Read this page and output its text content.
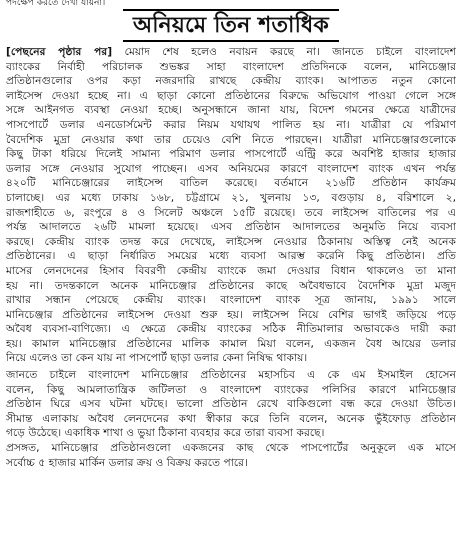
পদক্ষেপ করতে দেখা যায়না।
অনিয়মে তিন শতাধিক
[পেছনের পৃষ্ঠার পর] মেয়াদ শেষ হলেও নবায়ন করছে না। জানতে চাইলে বাংলাদেশ
ব্যাংকের নির্বাহী পরিচালক শুভঙ্কর সাহা বাংলাদেশ প্রতিদিনকে বলেন, মানিচেঞ্জার
প্রতিষ্ঠানগুলোর ওপর কড়া নজরদারি রাখছে কেন্দ্রীয় ব্যাংক। আপাতত নতুন কোনো
লাইসেন্স দেওয়া হচ্ছে না। এ ছাড়া কোনো প্রতিষ্ঠানের বিরুদ্ধে অভিযোগ পাওয়া গেলে সঙ্গে
সঙ্গে আইনগত ব্যবস্থা নেওয়া হচ্ছে। অনুসন্ধানে জানা যায়, বিদেশ গমনের ক্ষেত্রে যাত্রীদের
পাসপোর্টে ডলার এনডোর্সমেন্ট করার নিয়ম যথাযথ পালিত হয় না। যাত্রীরা যে পরিমাণ
বৈদেশিক মুদ্রা নেওয়ার কথা তার চেয়েও বেশি নিতে পারছেন। যাত্রীরা মানিচেঞ্জারগুলোকে
কিছু টাকা ধরিয়ে দিলেই সামান্য পরিমাণ ডলার পাসপোর্টে এন্ট্রি করে অবশিষ্ট হাজার হাজার
ডলার সঙ্গে নেওয়ার সুযোগ পাচ্ছেন। এসব অনিয়মের কারণে বাংলাদেশ ব্যাংক এখন পর্যন্ত
৪২০টি মানিচেঞ্জারের লাইসেন্স বাতিল করেছে। বর্তমানে ২১৬টি প্রতিষ্ঠান কার্যক্রম
চালাচ্ছে। এর মধ্যে ঢাকায় ১৬৮, চট্টগ্রামে ২১, খুলনায় ১৩, বগুড়ায় ৪, বরিশালে ২,
রাজশাহীতে ৬, রংপুরে ৪ ও সিলেট অঞ্চলে ১৫টি রয়েছে। তবে লাইসেন্স বাতিলের পর এ
পর্যন্ত আদালতে ২৬টি মামলা হয়েছে। এসব প্রতিষ্ঠান আদালতের অনুমতি নিয়ে ব্যবসা
করছে। কেন্দ্রীয় ব্যাংক তদন্ত করে দেখেছে, লাইসেন্স নেওয়ার ঠিকানায় অস্তিত্ব নেই অনেক
প্রতিষ্ঠানের। এ ছাড়া নির্ধারিত সময়ের মধ্যে ব্যবসা আরম্ভ করেনি কিছু প্রতিষ্ঠান। প্রতি
মাসের লেনদেনের হিসাব বিবরণী কেন্দ্রীয় ব্যাংকে জমা দেওয়ার বিধান থাকলেও তা মানা
হয় না। তদন্তকালে অনেক মানিচেঞ্জার প্রতিষ্ঠানের কাছে অবৈধভাবে বৈদেশিক মুদ্রা মজুদ
রাখার সন্ধান পেয়েছে কেন্দ্রীয় ব্যাংক। বাংলাদেশ ব্যাংক সূত্র জানায়, ১৯৯১ সালে
মানিচেঞ্জার প্রতিষ্ঠানের লাইসেন্স দেওয়া শুরু হয়। লাইসেন্স নিয়ে বেশির ভাগই জড়িয়ে পড়ে
অবৈধ ব্যবসা-বাণিজ্যে। এ ক্ষেত্রে কেন্দ্রীয় ব্যাংকের সঠিক নীতিমালার অভাবকেও দায়ী করা
হয়। কামাল মানিচেঞ্জার প্রতিষ্ঠানের মালিক কামাল মিয়া বলেন, একজন বৈধ আয়ের ডলার
নিয়ে এলেও তা কেন যায় না পাসপোর্ট ছাড়া ডলার কেনা নিষিদ্ধ থাকায়।
জানতে চাইলে বাংলাদেশ মানিচেঞ্জার প্রতিষ্ঠানের মহাসচিব এ কে এম ইসমাইল হোসেন
বলেন, কিছু আমলাতান্ত্রিক জটিলতা ও বাংলাদেশ ব্যাংকের পলিসির কারণে মানিচেঞ্জার
প্রতিষ্ঠান ঘিরে এসব ঘটনা ঘটছে। ভালো প্রতিষ্ঠান রেখে বাকিগুলো বন্ধ করে দেওয়া উচিত।
সীমান্ত এলাকায় অবৈধ লেনদেনের কথা স্বীকার করে তিনি বলেন, অনেক ভুঁইফোড় প্রতিষ্ঠান
গড়ে উঠেছে। একাধিক শাখা ও ভুয়া ঠিকানা ব্যবহার করে তারা ব্যবসা করছে।
প্রসঙ্গত, মানিচেঞ্জার প্রতিষ্ঠানগুলো একজনের কাছ থেকে পাসপোর্টের অনুকূলে এক মাসে
সর্বোচ্চ ৫ হাজার মার্কিন ডলার ক্রয় ও বিক্রয় করতে পারে।
